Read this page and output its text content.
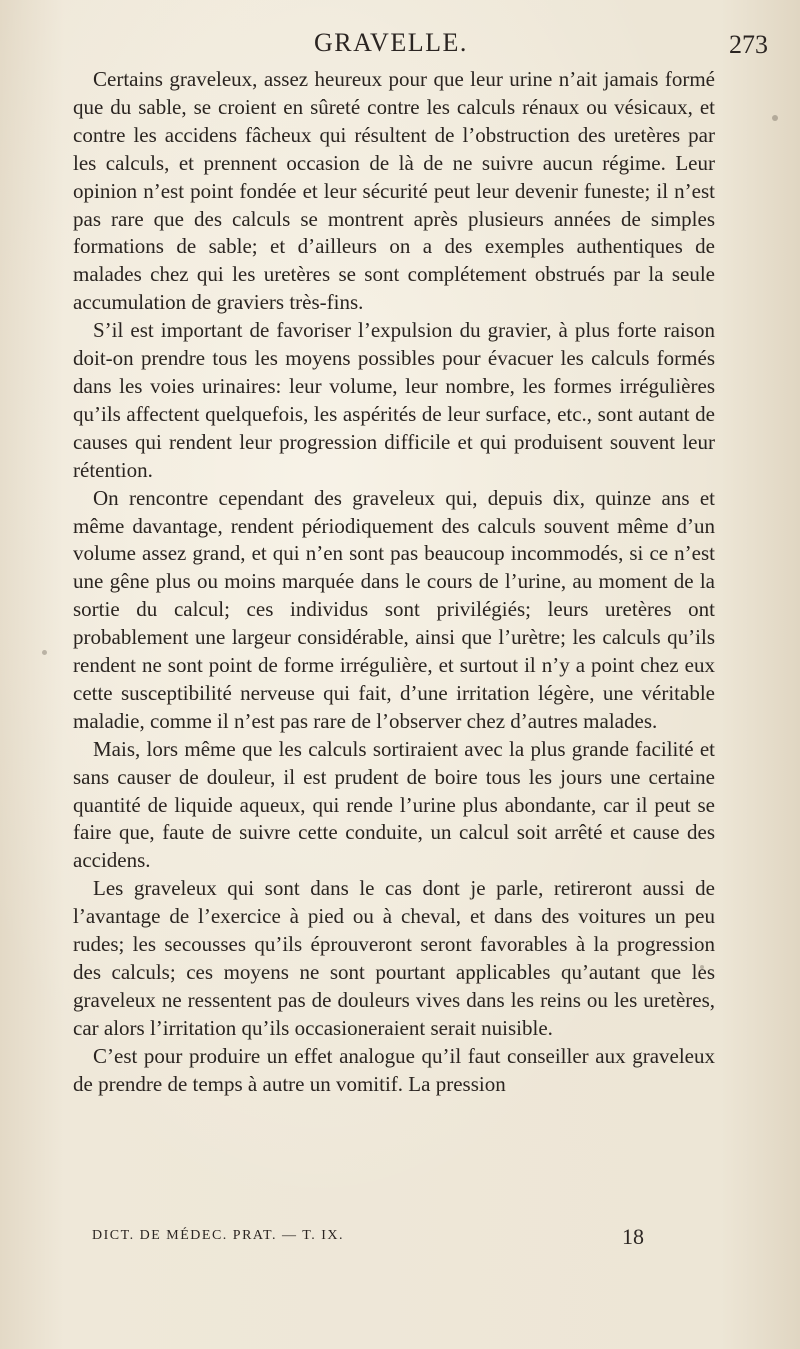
GRAVELLE.	273

Certains graveleux, assez heureux pour que leur urine n’ait jamais formé que du sable, se croient en sûreté contre les calculs rénaux ou vésicaux, et contre les accidens fâcheux qui résultent de l’obstruction des uretères par les calculs, et prennent occasion de là de ne suivre aucun régime. Leur opinion n’est point fondée et leur sécurité peut leur devenir funeste; il n’est pas rare que des calculs se montrent après plusieurs années de simples formations de sable; et d’ailleurs on a des exemples authentiques de malades chez qui les uretères se sont complétement obstrués par la seule accumulation de graviers très-fins.

S’il est important de favoriser l’expulsion du gravier, à plus forte raison doit-on prendre tous les moyens possibles pour évacuer les calculs formés dans les voies urinaires: leur volume, leur nombre, les formes irrégulières qu’ils affectent quelquefois, les aspérités de leur surface, etc., sont autant de causes qui rendent leur progression difficile et qui produisent souvent leur rétention.

On rencontre cependant des graveleux qui, depuis dix, quinze ans et même davantage, rendent périodiquement des calculs souvent même d’un volume assez grand, et qui n’en sont pas beaucoup incommodés, si ce n’est une gêne plus ou moins marquée dans le cours de l’urine, au moment de la sortie du calcul; ces individus sont privilégiés; leurs uretères ont probablement une largeur considérable, ainsi que l’urètre; les calculs qu’ils rendent ne sont point de forme irrégulière, et surtout il n’y a point chez eux cette susceptibilité nerveuse qui fait, d’une irritation légère, une véritable maladie, comme il n’est pas rare de l’observer chez d’autres malades.

Mais, lors même que les calculs sortiraient avec la plus grande facilité et sans causer de douleur, il est prudent de boire tous les jours une certaine quantité de liquide aqueux, qui rende l’urine plus abondante, car il peut se faire que, faute de suivre cette conduite, un calcul soit arrêté et cause des accidens.

Les graveleux qui sont dans le cas dont je parle, retireront aussi de l’avantage de l’exercice à pied ou à cheval, et dans des voitures un peu rudes; les secousses qu’ils éprouveront seront favorables à la progression des calculs; ces moyens ne sont pourtant applicables qu’autant que les graveleux ne ressentent pas de douleurs vives dans les reins ou les uretères, car alors l’irritation qu’ils occasioneraient serait nuisible.

C’est pour produire un effet analogue qu’il faut conseiller aux graveleux de prendre de temps à autre un vomitif. La pression

DICT. DE MÉDEC. PRAT. — T. IX.	18
